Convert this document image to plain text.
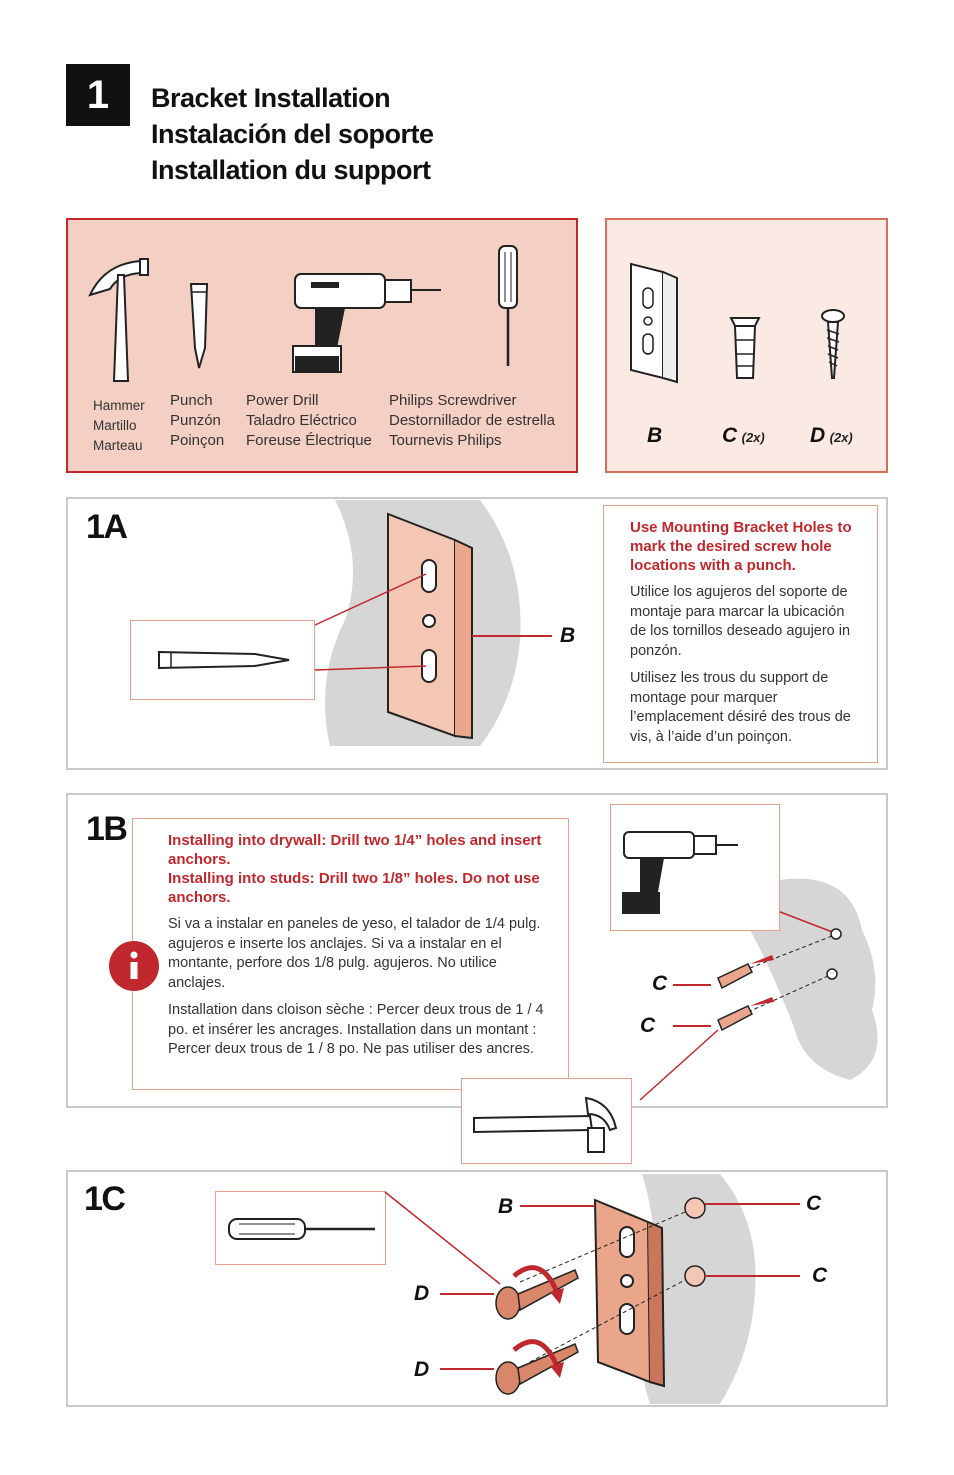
1	Bracket Installation
Instalación del soporte
Installation du support
Hammer
Martillo
Marteau
Punch
Punzón
Poinçon
Power Drill
Taladro Eléctrico
Foreuse Électrique
Philips Screwdriver
Destornillador de estrella
Tournevis Philips	B	C (2x) D (2x)
1A
B
Use Mounting Bracket Holes to mark the desired screw hole locations with a punch.
Utilice los agujeros del soporte de montaje para marcar la ubicación de los tornillos deseado agujero in ponzón.
Utilisez les trous du support de montage pour marquer l’emplacement désiré des trous de vis, à l’aide d’un poinçon.
1B	Installing into drywall: Drill two 1/4” holes and insert anchors.
Installing into studs: Drill two 1/8” holes. Do not use anchors.
Si va a instalar en paneles de yeso, el talador de 1/4 pulg. agujeros e inserte los anclajes. Si va a instalar en el montante, perfore dos 1/8 pulg. agujeros. No utilice anclajes.
Installation dans cloison sèche : Percer deux trous de 1 / 4 po. et insérer les ancrages. Installation dans un montant : Percer deux trous de 1 / 8 po. Ne pas utiliser des ancres.
C
C
1C	B	C
C
D
D
